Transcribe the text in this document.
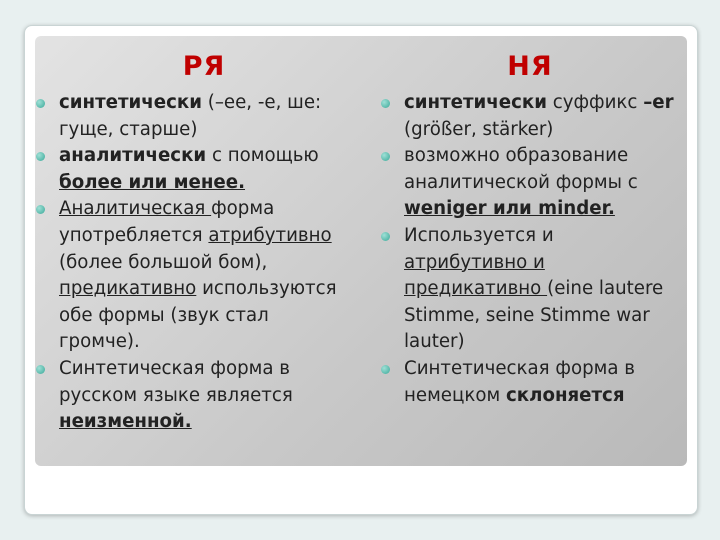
РЯ
синтетически (–ее, -е, ше: гуще, старше)
аналитически с помощью более или менее.
Аналитическая форма употребляется атрибутивно (более большой бом), предикативно используются обе формы (звук стал громче).
Синтетическая форма в русском языке является неизменной.
НЯ
синтетически суффикс –er (größer, stärker)
возможно образование аналитической формы с weniger или minder.
Используется и атрибутивно и предикативно (eine lautere Stimme, seine Stimme war lauter)
Синтетическая форма в немецком склоняется
